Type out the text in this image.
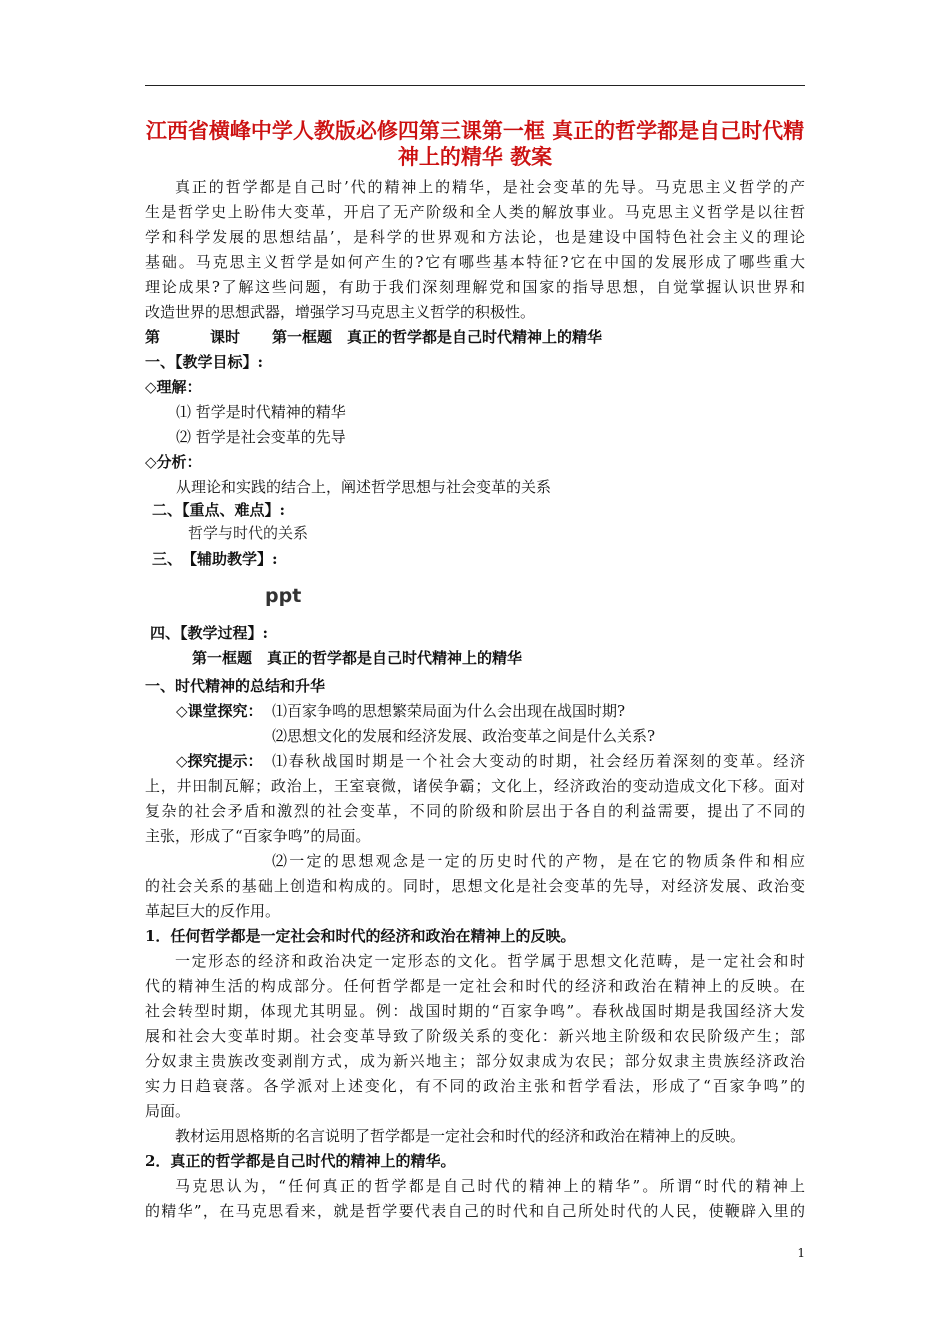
江西省横峰中学人教版必修四第三课第一框 真正的哲学都是自己时代精神上的精华 教案
真正的哲学都是自己时’代的精神上的精华，是社会变革的先导。马克思主义哲学的产
生是哲学史上盼伟大变革，开启了无产阶级和全人类的解放事业。马克思主义哲学是以往哲
学和科学发展的思想结晶’，是科学的世界观和方法论，也是建设中国特色社会主义的理论
基础。马克思主义哲学是如何产生的?它有哪些基本特征?它在中国的发展形成了哪些重大
理论成果?了解这些问题，有助于我们深刻理解党和国家的指导思想，自觉掌握认识世界和
改造世界的思想武器，增强学习马克思主义哲学的积极性。
第	课时 第一框题　真正的哲学都是自己时代精神上的精华
一、【教学目标】:
◇理解：
⑴ 哲学是时代精神的精华
⑵ 哲学是社会变革的先导
◇分析：
从理论和实践的结合上，阐述哲学思想与社会变革的关系
二、【重点、难点】:
哲学与时代的关系
三、　【辅助教学】:
ppt
四、【教学过程】:
第一框题　真正的哲学都是自己时代精神上的精华
一、时代精神的总结和升华
◇课堂探究： ⑴百家争鸣的思想繁荣局面为什么会出现在战国时期?
⑵思想文化的发展和经济发展、政治变革之间是什么关系?
◇探究提示： ⑴春秋战国时期是一个社会大变动的时期，社会经历着深刻的变革。经济
上，井田制瓦解；政治上，王室衰微，诸侯争霸；文化上，经济政治的变动造成文化下移。面对
复杂的社会矛盾和激烈的社会变革，不同的阶级和阶层出于各自的利益需要，提出了不同的
主张，形成了“百家争鸣”的局面。
⑵一定的思想观念是一定的历史时代的产物，是在它的物质条件和相应
的社会关系的基础上创造和构成的。同时，思想文化是社会变革的先导，对经济发展、政治变
革起巨大的反作用。
1．任何哲学都是一定社会和时代的经济和政治在精神上的反映。
一定形态的经济和政治决定一定形态的文化。哲学属于思想文化范畴，是一定社会和时
代的精神生活的构成部分。任何哲学都是一定社会和时代的经济和政治在精神上的反映。在
社会转型时期，体现尤其明显。例：战国时期的“百家争鸣”。春秋战国时期是我国经济大发
展和社会大变革时期。社会变革导致了阶级关系的变化：新兴地主阶级和农民阶级产生；部
分奴隶主贵族改变剥削方式，成为新兴地主；部分奴隶成为农民；部分奴隶主贵族经济政治
实力日趋衰落。各学派对上述变化，有不同的政治主张和哲学看法，形成了“百家争鸣”的
局面。
教材运用恩格斯的名言说明了哲学都是一定社会和时代的经济和政治在精神上的反映。
2．真正的哲学都是自己时代的精神上的精华。
马克思认为，“任何真正的哲学都是自己时代的精神上的精华”。所谓“时代的精神上
的精华”，在马克思看来，就是哲学要代表自己的时代和自己所处时代的人民，使鞭辟入里的
1
